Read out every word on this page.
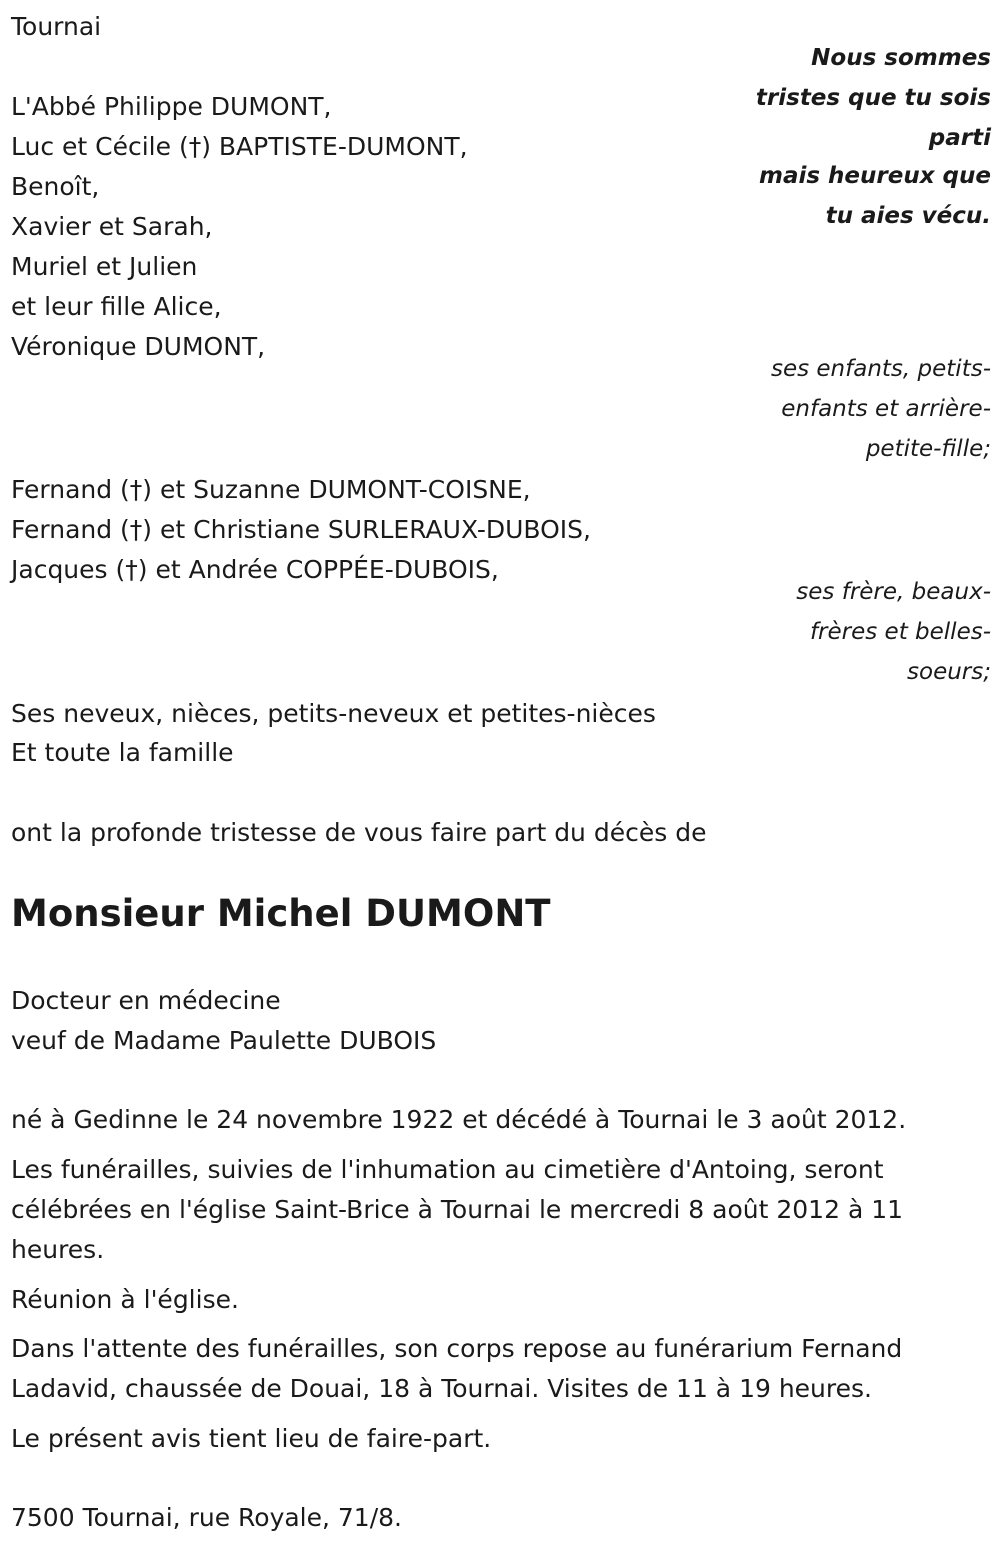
Tournai
Nous sommes
tristes que tu sois
parti
mais heureux que
tu aies vécu.
L'Abbé Philippe DUMONT,
Luc et Cécile (†) BAPTISTE-DUMONT,
Benoît,
Xavier et Sarah,
Muriel et Julien
et leur fille Alice,
Véronique DUMONT,
ses enfants, petits-
enfants et arrière-
petite-fille;
Fernand (†) et Suzanne DUMONT-COISNE,
Fernand (†) et Christiane SURLERAUX-DUBOIS,
Jacques (†) et Andrée COPPÉE-DUBOIS,
ses frère, beaux-
frères et belles-
soeurs;
Ses neveux, nièces, petits-neveux et petites-nièces
Et toute la famille
ont la profonde tristesse de vous faire part du décès de
Monsieur Michel DUMONT
Docteur en médecine
veuf de Madame Paulette DUBOIS
né à Gedinne le 24 novembre 1922 et décédé à Tournai le 3 août 2012.
Les funérailles, suivies de l'inhumation au cimetière d'Antoing, seront
célébrées en l'église Saint-Brice à Tournai le mercredi 8 août 2012 à 11
heures.
Réunion à l'église.
Dans l'attente des funérailles, son corps repose au funérarium Fernand
Ladavid, chaussée de Douai, 18 à Tournai. Visites de 11 à 19 heures.
Le présent avis tient lieu de faire-part.
7500 Tournai, rue Royale, 71/8.
